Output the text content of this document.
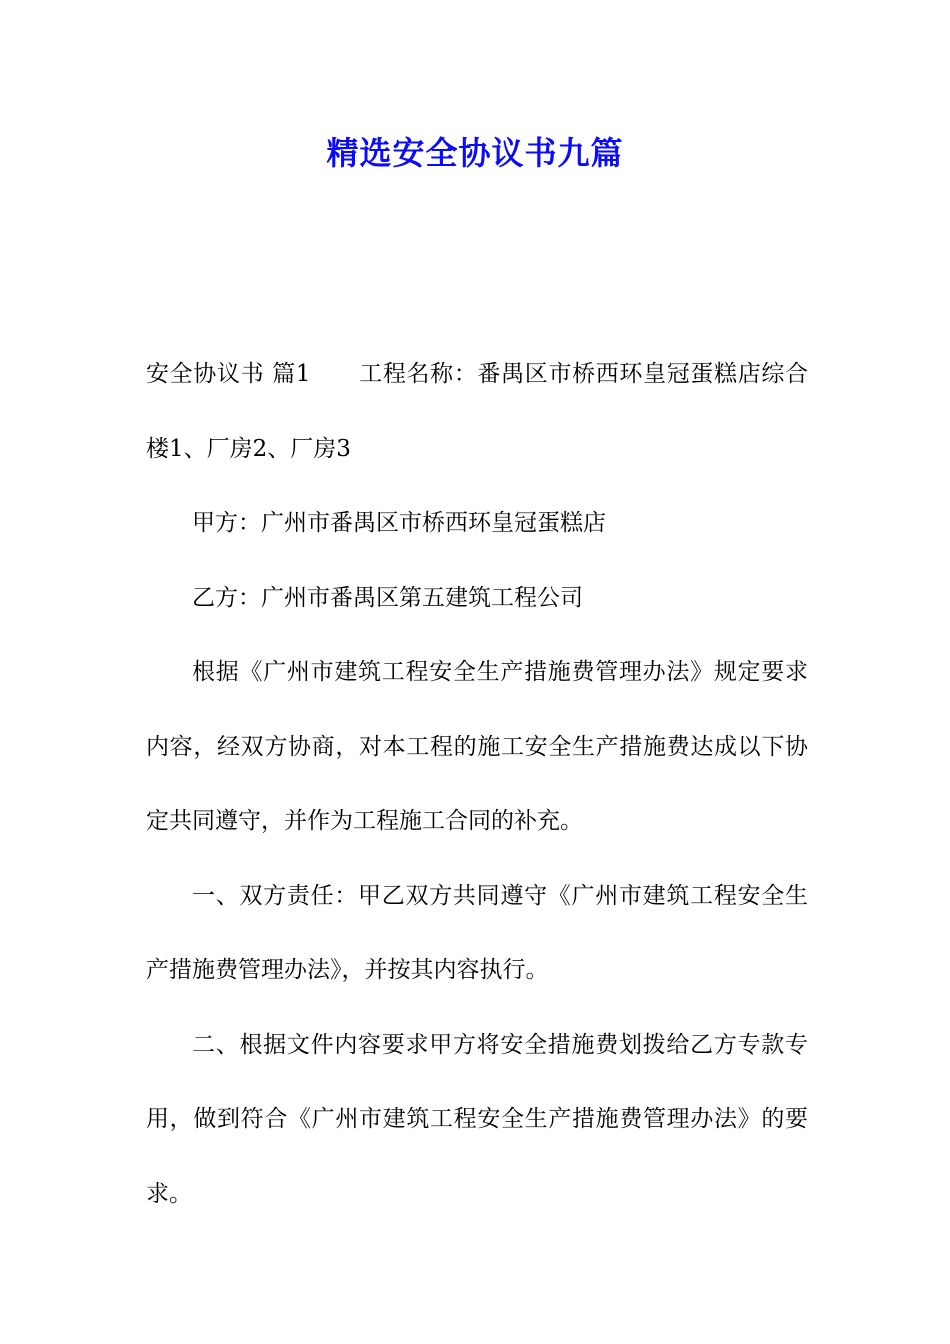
精选安全协议书九篇

安全协议书 篇1 工程名称：番禺区市桥西环皇冠蛋糕店综合楼1、厂房2、厂房3

甲方：广州市番禺区市桥西环皇冠蛋糕店

乙方：广州市番禺区第五建筑工程公司

根据《广州市建筑工程安全生产措施费管理办法》规定要求内容，经双方协商，对本工程的施工安全生产措施费达成以下协定共同遵守，并作为工程施工合同的补充。

一、双方责任：甲乙双方共同遵守《广州市建筑工程安全生产措施费管理办法》，并按其内容执行。

二、根据文件内容要求甲方将安全措施费划拨给乙方专款专用，做到符合《广州市建筑工程安全生产措施费管理办法》的要求。
